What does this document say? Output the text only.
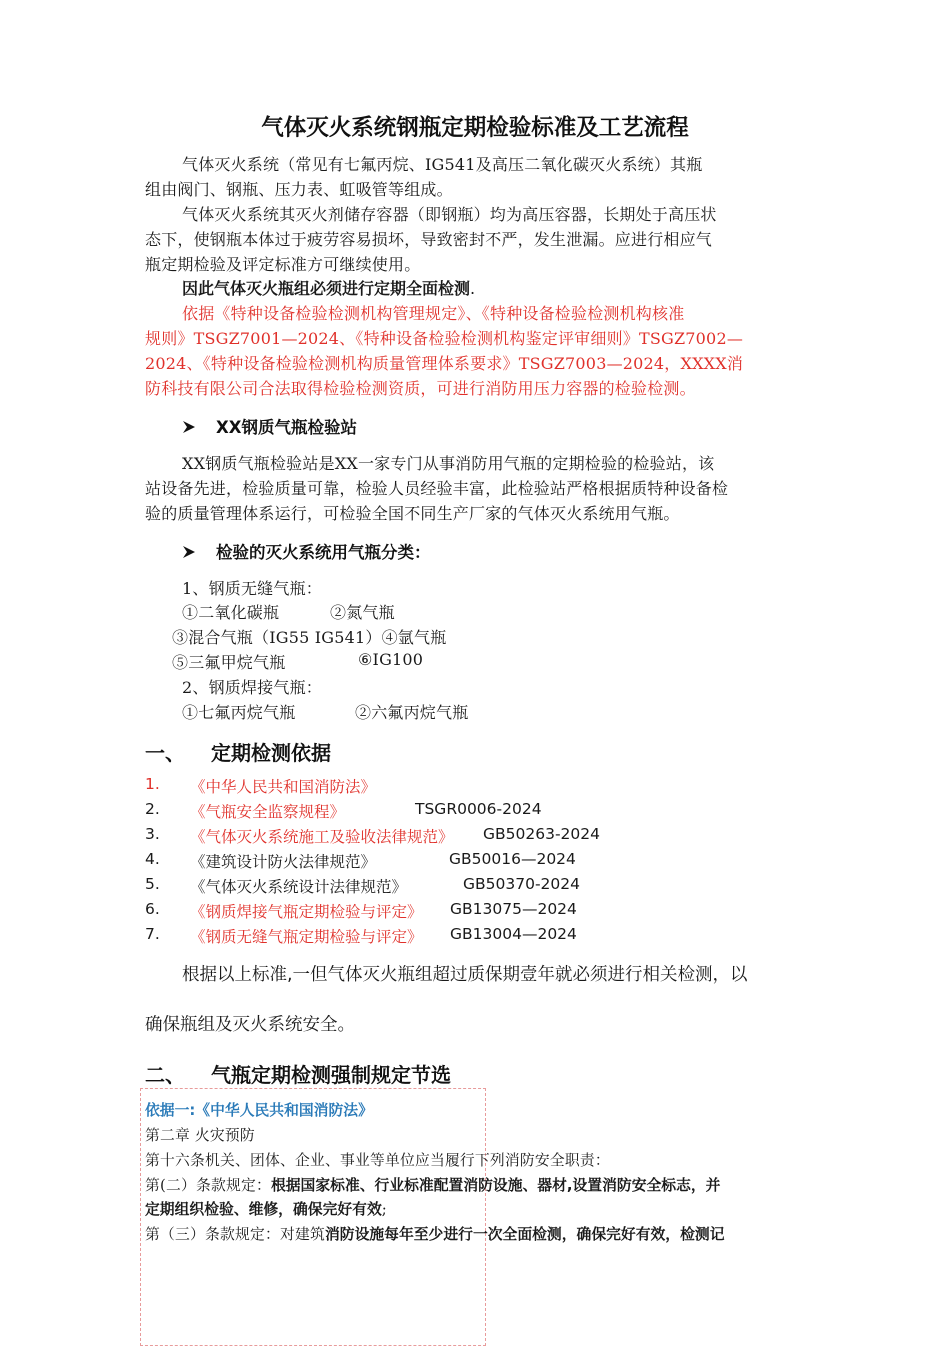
气体灭火系统钢瓶定期检验标准及工艺流程
气体灭火系统（常见有七氟丙烷、IG541及高压二氧化碳灭火系统）其瓶
组由阀门、钢瓶、压力表、虹吸管等组成。
气体灭火系统其灭火剂储存容器（即钢瓶）均为高压容器，长期处于高压状
态下，使钢瓶本体过于疲劳容易损坏，导致密封不严，发生泄漏。应进行相应气
瓶定期检验及评定标准方可继续使用。
因此气体灭火瓶组必须进行定期全面检测.
依据《特种设备检验检测机构管理规定》、《特种设备检验检测机构核准
规则》TSGZ7001—2024、《特种设备检验检测机构鉴定评审细则》TSGZ7002—
2024、《特种设备检验检测机构质量管理体系要求》TSGZ7003—2024，XXXX消
防科技有限公司合法取得检验检测资质，可进行消防用压力容器的检验检测。
XX钢质气瓶检验站
XX钢质气瓶检验站是XX一家专门从事消防用气瓶的定期检验的检验站，该
站设备先进，检验质量可靠，检验人员经验丰富，此检验站严格根据质特种设备检
验的质量管理体系运行，可检验全国不同生产厂家的气体灭火系统用气瓶。
检验的灭火系统用气瓶分类：
1、钢质无缝气瓶：
①二氧化碳瓶	②氮气瓶
③混合气瓶（IG55 IG541）④氩气瓶
⑤三氟甲烷气瓶	⑥IG100
2、钢质焊接气瓶：
①七氟丙烷气瓶	②六氟丙烷气瓶
一、 定期检测依据
1. 《中华人民共和国消防法》
2. 《气瓶安全监察规程》	TSGR0006-2024
3. 《气体灭火系统施工及验收法律规范》 GB50263-2024
4. 《建筑设计防火法律规范》	GB50016—2024
5. 《气体灭火系统设计法律规范》	GB50370-2024
6. 《钢质焊接气瓶定期检验与评定》 GB13075—2024
7. 《钢质无缝气瓶定期检验与评定》 GB13004—2024
根据以上标准,一但气体灭火瓶组超过质保期壹年就必须进行相关检测，以
确保瓶组及灭火系统安全。
二、 气瓶定期检测强制规定节选
依据一:《中华人民共和国消防法》
第二章 火灾预防
第十六条机关、团体、企业、事业等单位应当履行下列消防安全职责：
第(二）条款规定：根据国家标准、行业标准配置消防设施、器材,设置消防安全标志，并
定期组织检验、维修，确保完好有效;
第（三）条款规定：对建筑消防设施每年至少进行一次全面检测，确保完好有效，检测记
